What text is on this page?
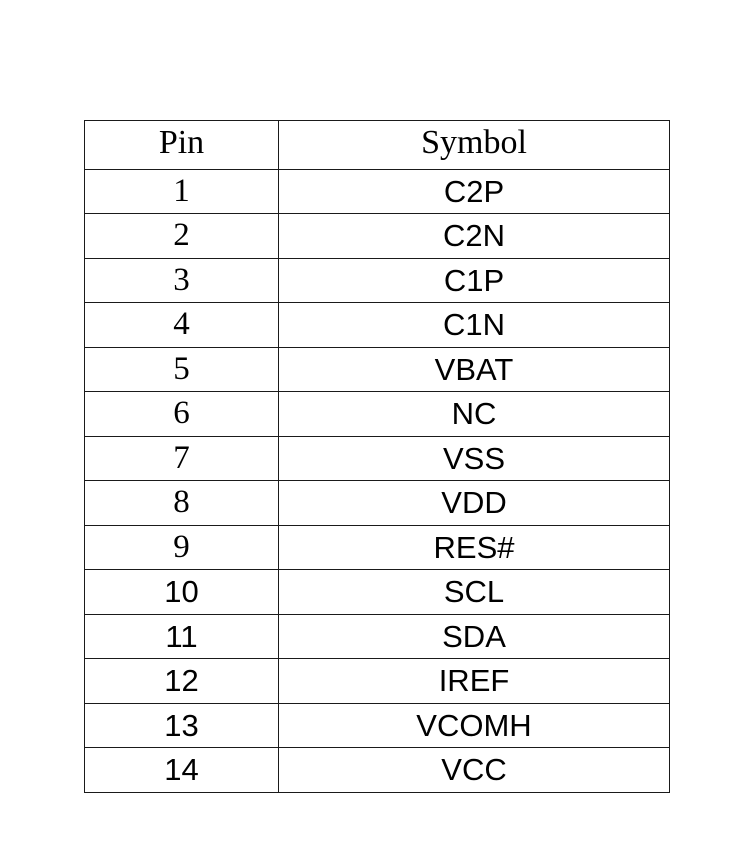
Pin	Symbol
1	C2P
2	C2N
3	C1P
4	C1N
5	VBAT
6	NC
7	VSS
8	VDD
9	RES#
10	SCL
11	SDA
12	IREF
13	VCOMH
14	VCC
